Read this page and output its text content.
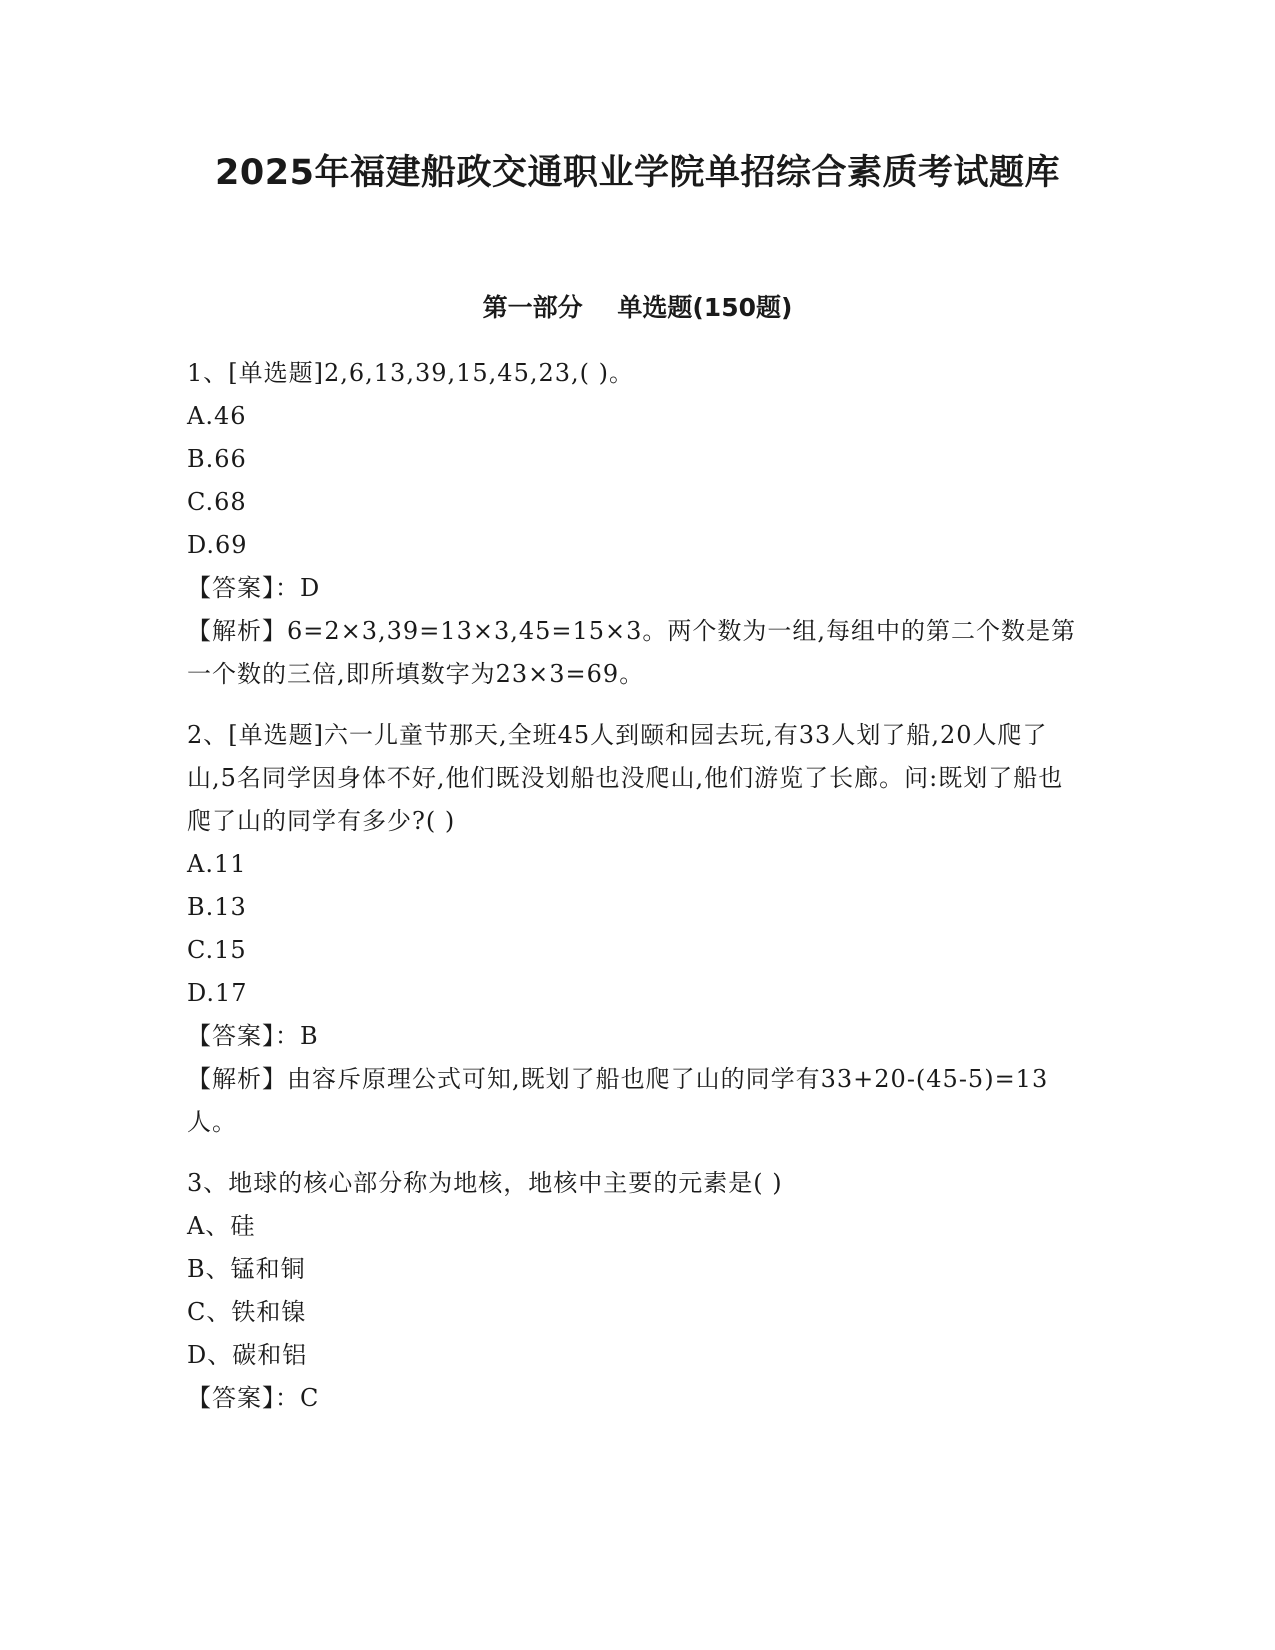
2025年福建船政交通职业学院单招综合素质考试题库
第一部分    单选题(150题)

1、[单选题]2,6,13,39,15,45,23,( )。

A.46

B.66

C.68

D.69

【答案】：D

【解析】6=2×3,39=13×3,45=15×3。两个数为一组,每组中的第二个数是第一个数的三倍,即所填数字为23×3=69。

2、[单选题]六一儿童节那天,全班45人到颐和园去玩,有33人划了船,20人爬了山,5名同学因身体不好,他们既没划船也没爬山,他们游览了长廊。问:既划了船也爬了山的同学有多少?( )

A.11

B.13

C.15

D.17

【答案】：B

【解析】由容斥原理公式可知,既划了船也爬了山的同学有33+20-(45-5)=13人。

3、地球的核心部分称为地核，地核中主要的元素是( )

A、硅

B、锰和铜

C、铁和镍

D、碳和铝

【答案】：C
